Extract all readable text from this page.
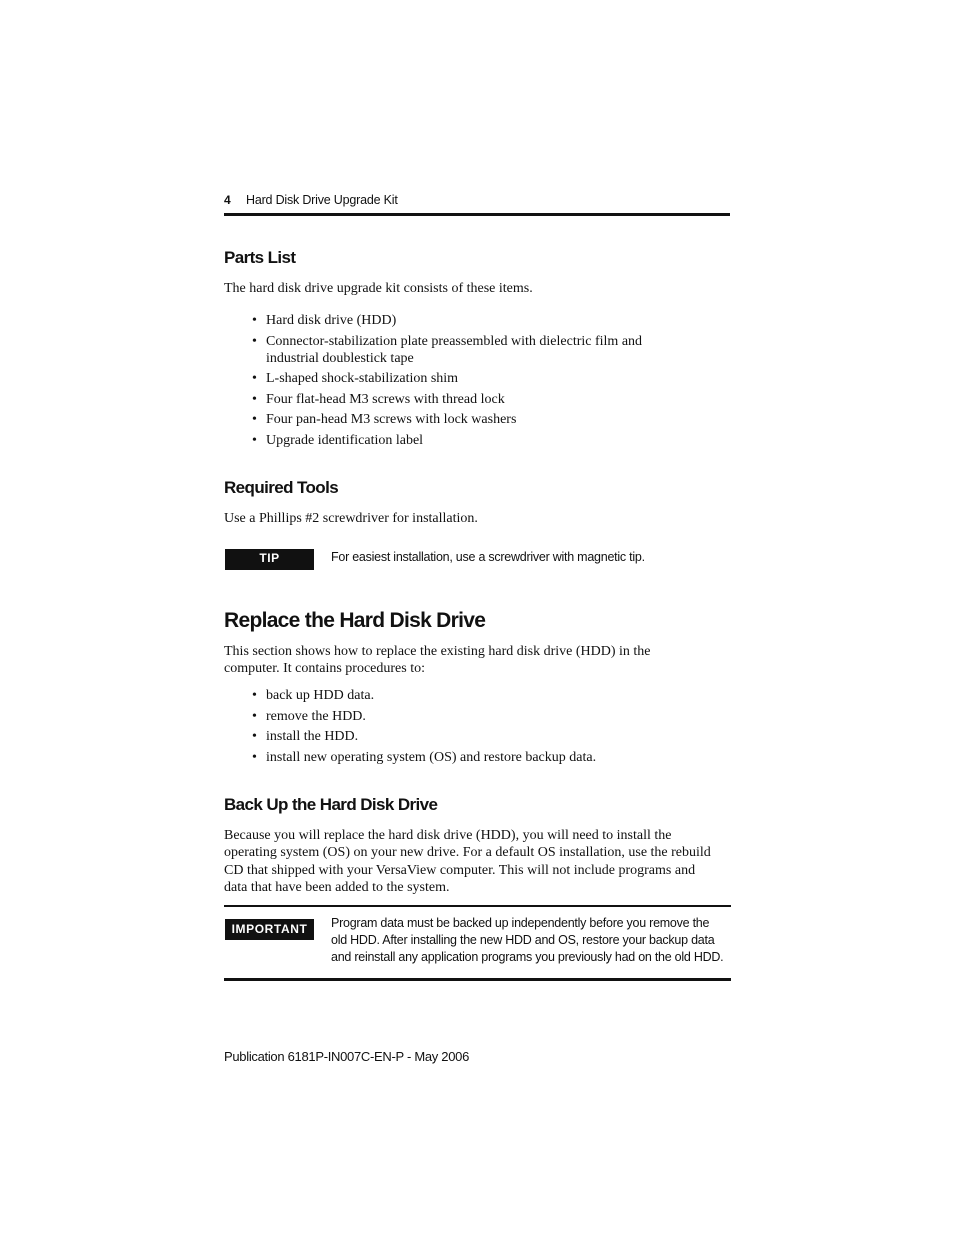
4 Hard Disk Drive Upgrade Kit
Parts List
The hard disk drive upgrade kit consists of these items.
• Hard disk drive (HDD)
• Connector-stabilization plate preassembled with dielectric film and industrial doublestick tape
• L-shaped shock-stabilization shim
• Four flat-head M3 screws with thread lock
• Four pan-head M3 screws with lock washers
• Upgrade identification label
Required Tools
Use a Phillips #2 screwdriver for installation.
TIP	For easiest installation, use a screwdriver with magnetic tip.
Replace the Hard Disk Drive
This section shows how to replace the existing hard disk drive (HDD) in the computer. It contains procedures to:
• back up HDD data.
• remove the HDD.
• install the HDD.
• install new operating system (OS) and restore backup data.
Back Up the Hard Disk Drive
Because you will replace the hard disk drive (HDD), you will need to install the operating system (OS) on your new drive. For a default OS installation, use the rebuild CD that shipped with your VersaView computer. This will not include programs and data that have been added to the system.
IMPORTANT	Program data must be backed up independently before you remove the old HDD. After installing the new HDD and OS, restore your backup data and reinstall any application programs you previously had on the old HDD.
Publication 6181P-IN007C-EN-P - May 2006
